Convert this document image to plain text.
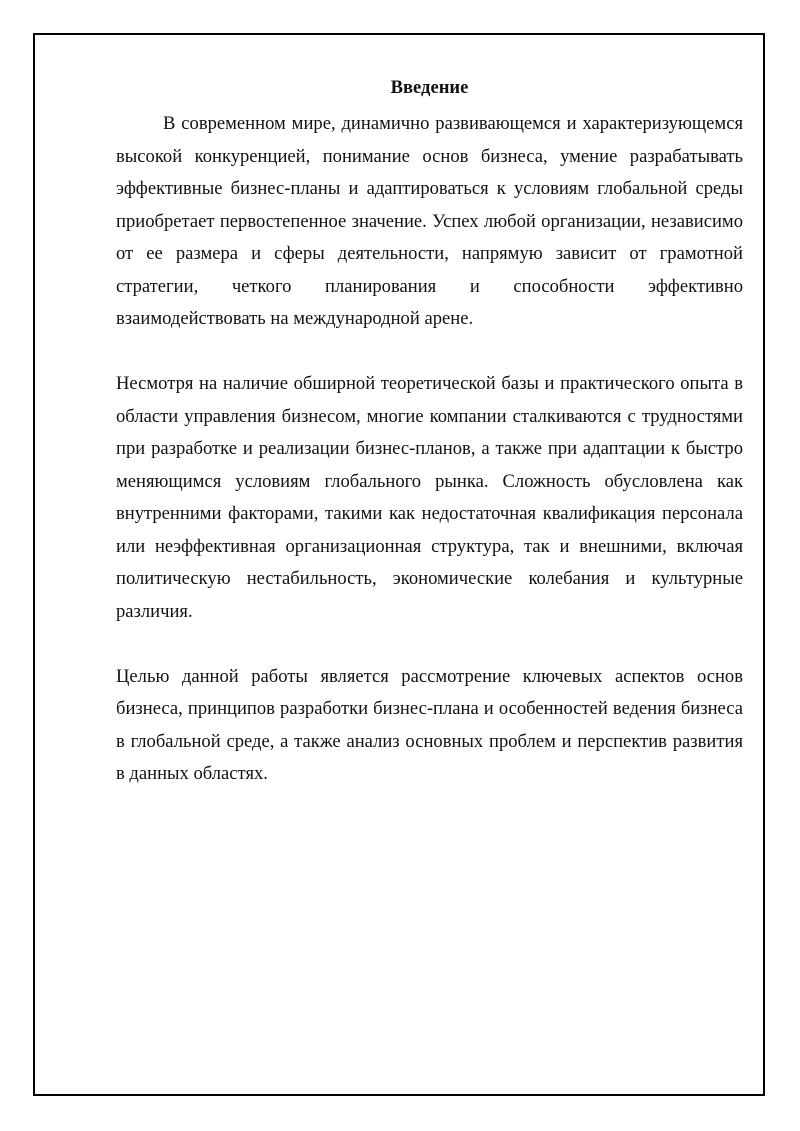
Введение

В современном мире, динамично развивающемся и характеризующемся высокой конкуренцией, понимание основ бизнеса, умение разрабатывать эффективные бизнес-планы и адаптироваться к условиям глобальной среды приобретает первостепенное значение. Успех любой организации, независимо от ее размера и сферы деятельности, напрямую зависит от грамотной стратегии, четкого планирования и способности эффективно взаимодействовать на международной арене.

Несмотря на наличие обширной теоретической базы и практического опыта в области управления бизнесом, многие компании сталкиваются с трудностями при разработке и реализации бизнес-планов, а также при адаптации к быстро меняющимся условиям глобального рынка. Сложность обусловлена как внутренними факторами, такими как недостаточная квалификация персонала или неэффективная организационная структура, так и внешними, включая политическую нестабильность, экономические колебания и культурные различия.

Целью данной работы является рассмотрение ключевых аспектов основ бизнеса, принципов разработки бизнес-плана и особенностей ведения бизнеса в глобальной среде, а также анализ основных проблем и перспектив развития в данных областях.
